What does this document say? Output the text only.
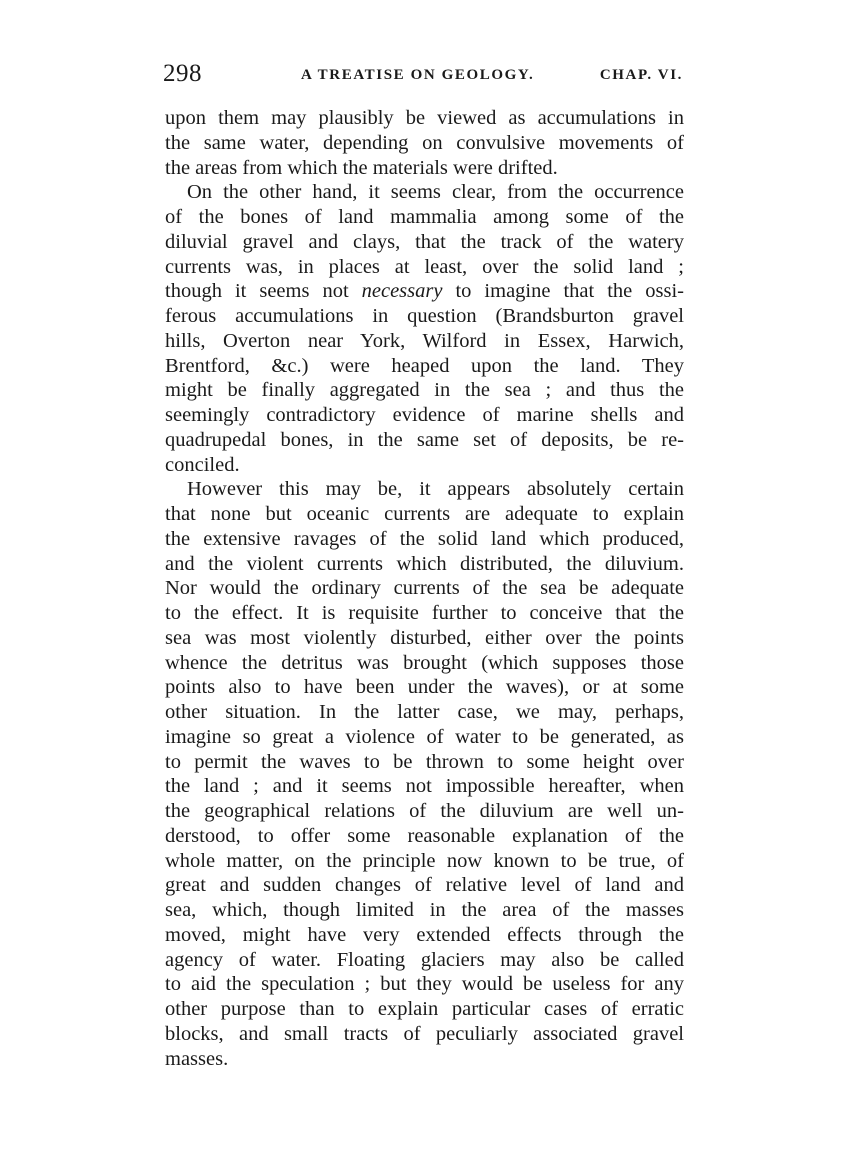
298	A TREATISE ON GEOLOGY.	CHAP. VI.
upon them may plausibly be viewed as accumulations in
the same water, depending on convulsive movements of
the areas from which the materials were drifted.
On the other hand, it seems clear, from the occurrence
of the bones of land mammalia among some of the
diluvial gravel and clays, that the track of the watery
currents was, in places at least, over the solid land ;
though it seems not necessary to imagine that the ossi-
ferous accumulations in question (Brandsburton gravel
hills, Overton near York, Wilford in Essex, Harwich,
Brentford, &c.) were heaped upon the land. They
might be finally aggregated in the sea ; and thus the
seemingly contradictory evidence of marine shells and
quadrupedal bones, in the same set of deposits, be re-
conciled.
However this may be, it appears absolutely certain
that none but oceanic currents are adequate to explain
the extensive ravages of the solid land which produced,
and the violent currents which distributed, the diluvium.
Nor would the ordinary currents of the sea be adequate
to the effect. It is requisite further to conceive that the
sea was most violently disturbed, either over the points
whence the detritus was brought (which supposes those
points also to have been under the waves), or at some
other situation. In the latter case, we may, perhaps,
imagine so great a violence of water to be generated, as
to permit the waves to be thrown to some height over
the land ; and it seems not impossible hereafter, when
the geographical relations of the diluvium are well un-
derstood, to offer some reasonable explanation of the
whole matter, on the principle now known to be true, of
great and sudden changes of relative level of land and
sea, which, though limited in the area of the masses
moved, might have very extended effects through the
agency of water. Floating glaciers may also be called
to aid the speculation ; but they would be useless for any
other purpose than to explain particular cases of erratic
blocks, and small tracts of peculiarly associated gravel
masses.
